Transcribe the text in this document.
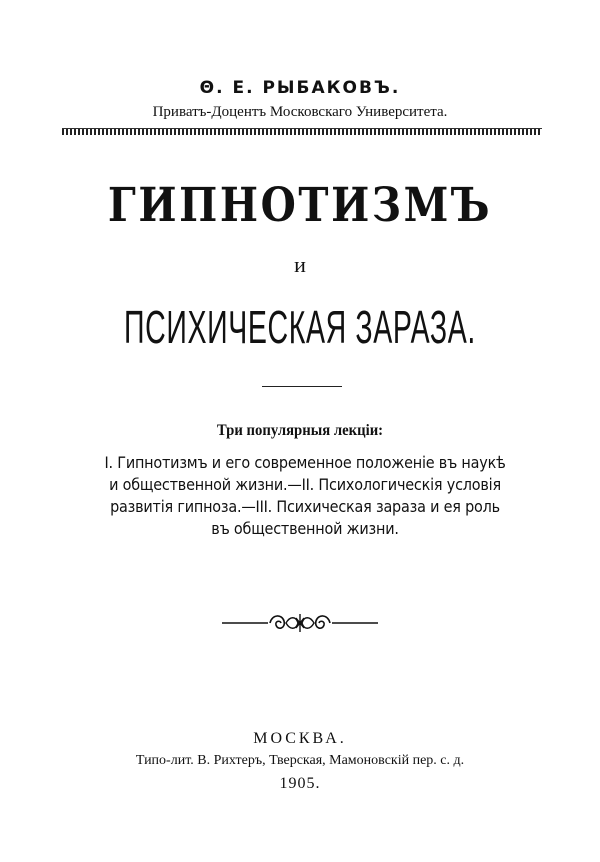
Θ. Е. РЫБАКОВЪ.
Приватъ-Доцентъ Московскаго Университета.
ГИПНОТИЗМЪ
и
ПСИХИЧЕСКАЯ ЗАРАЗА.
Три популярныя лекціи:
I. Гипнотизмъ и его современное положеніе въ наукѣ
и общественной жизни.—II. Психологическія условія
развитія гипноза.—III. Психическая зараза и ея роль
въ общественной жизни.
МОСКВА.
Типо-лит. В. Рихтеръ, Тверская, Мамоновскій пер. с. д.
1905.
